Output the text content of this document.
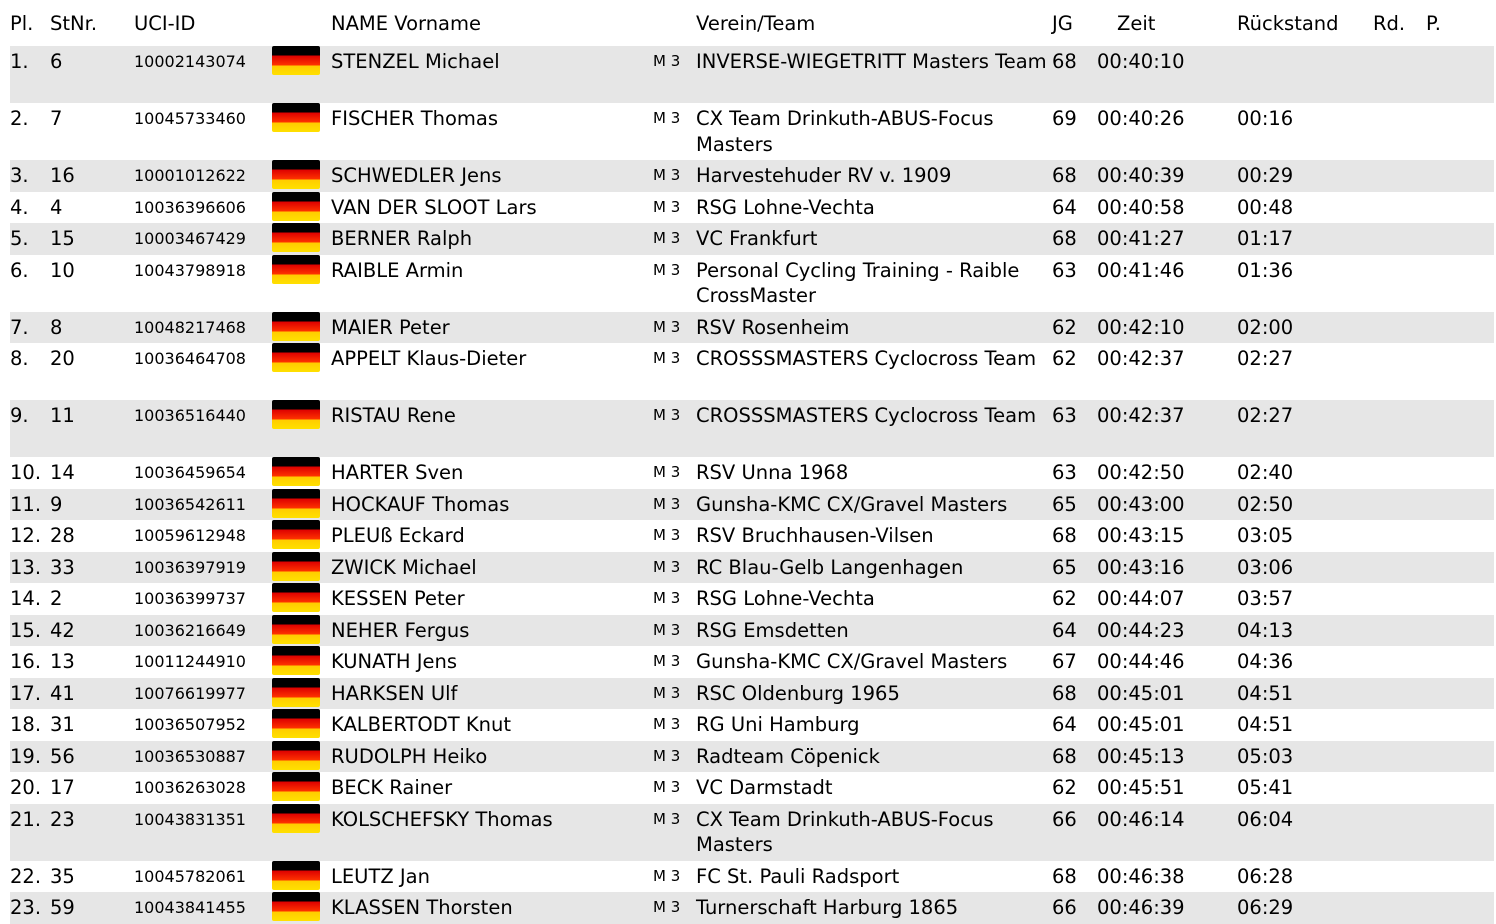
Pl.	StNr.	UCI-ID		NAME Vorname		Verein/Team	JG	Zeit	Rückstand	Rd.	P.
1.	6	10002143074		STENZEL Michael	M 3	INVERSE-WIEGETRITT Masters Team	68	00:40:10			
2.	7	10045733460		FISCHER Thomas	M 3	CX Team Drinkuth-ABUS-Focus Masters	69	00:40:26	00:16		
3.	16	10001012622		SCHWEDLER Jens	M 3	Harvestehuder RV v. 1909	68	00:40:39	00:29		
4.	4	10036396606		VAN DER SLOOT Lars	M 3	RSG Lohne-Vechta	64	00:40:58	00:48		
5.	15	10003467429		BERNER Ralph	M 3	VC Frankfurt	68	00:41:27	01:17		
6.	10	10043798918		RAIBLE Armin	M 3	Personal Cycling Training - Raible CrossMaster	63	00:41:46	01:36		
7.	8	10048217468		MAIER Peter	M 3	RSV Rosenheim	62	00:42:10	02:00		
8.	20	10036464708		APPELT Klaus-Dieter	M 3	CROSSSMASTERS Cyclocross Team	62	00:42:37	02:27		
9.	11	10036516440		RISTAU Rene	M 3	CROSSSMASTERS Cyclocross Team	63	00:42:37	02:27		
10.	14	10036459654		HARTER Sven	M 3	RSV Unna 1968	63	00:42:50	02:40		
11.	9	10036542611		HOCKAUF Thomas	M 3	Gunsha-KMC CX/Gravel Masters	65	00:43:00	02:50		
12.	28	10059612948		PLEUß Eckard	M 3	RSV Bruchhausen-Vilsen	68	00:43:15	03:05		
13.	33	10036397919		ZWICK Michael	M 3	RC Blau-Gelb Langenhagen	65	00:43:16	03:06		
14.	2	10036399737		KESSEN Peter	M 3	RSG Lohne-Vechta	62	00:44:07	03:57		
15.	42	10036216649		NEHER Fergus	M 3	RSG Emsdetten	64	00:44:23	04:13		
16.	13	10011244910		KUNATH Jens	M 3	Gunsha-KMC CX/Gravel Masters	67	00:44:46	04:36		
17.	41	10076619977		HARKSEN Ulf	M 3	RSC Oldenburg 1965	68	00:45:01	04:51		
18.	31	10036507952		KALBERTODT Knut	M 3	RG Uni Hamburg	64	00:45:01	04:51		
19.	56	10036530887		RUDOLPH Heiko	M 3	Radteam Cöpenick	68	00:45:13	05:03		
20.	17	10036263028		BECK Rainer	M 3	VC Darmstadt	62	00:45:51	05:41		
21.	23	10043831351		KOLSCHEFSKY Thomas	M 3	CX Team Drinkuth-ABUS-Focus Masters	66	00:46:14	06:04		
22.	35	10045782061		LEUTZ Jan	M 3	FC St. Pauli Radsport	68	00:46:38	06:28		
23.	59	10043841455		KLASSEN Thorsten	M 3	Turnerschaft Harburg 1865	66	00:46:39	06:29		
